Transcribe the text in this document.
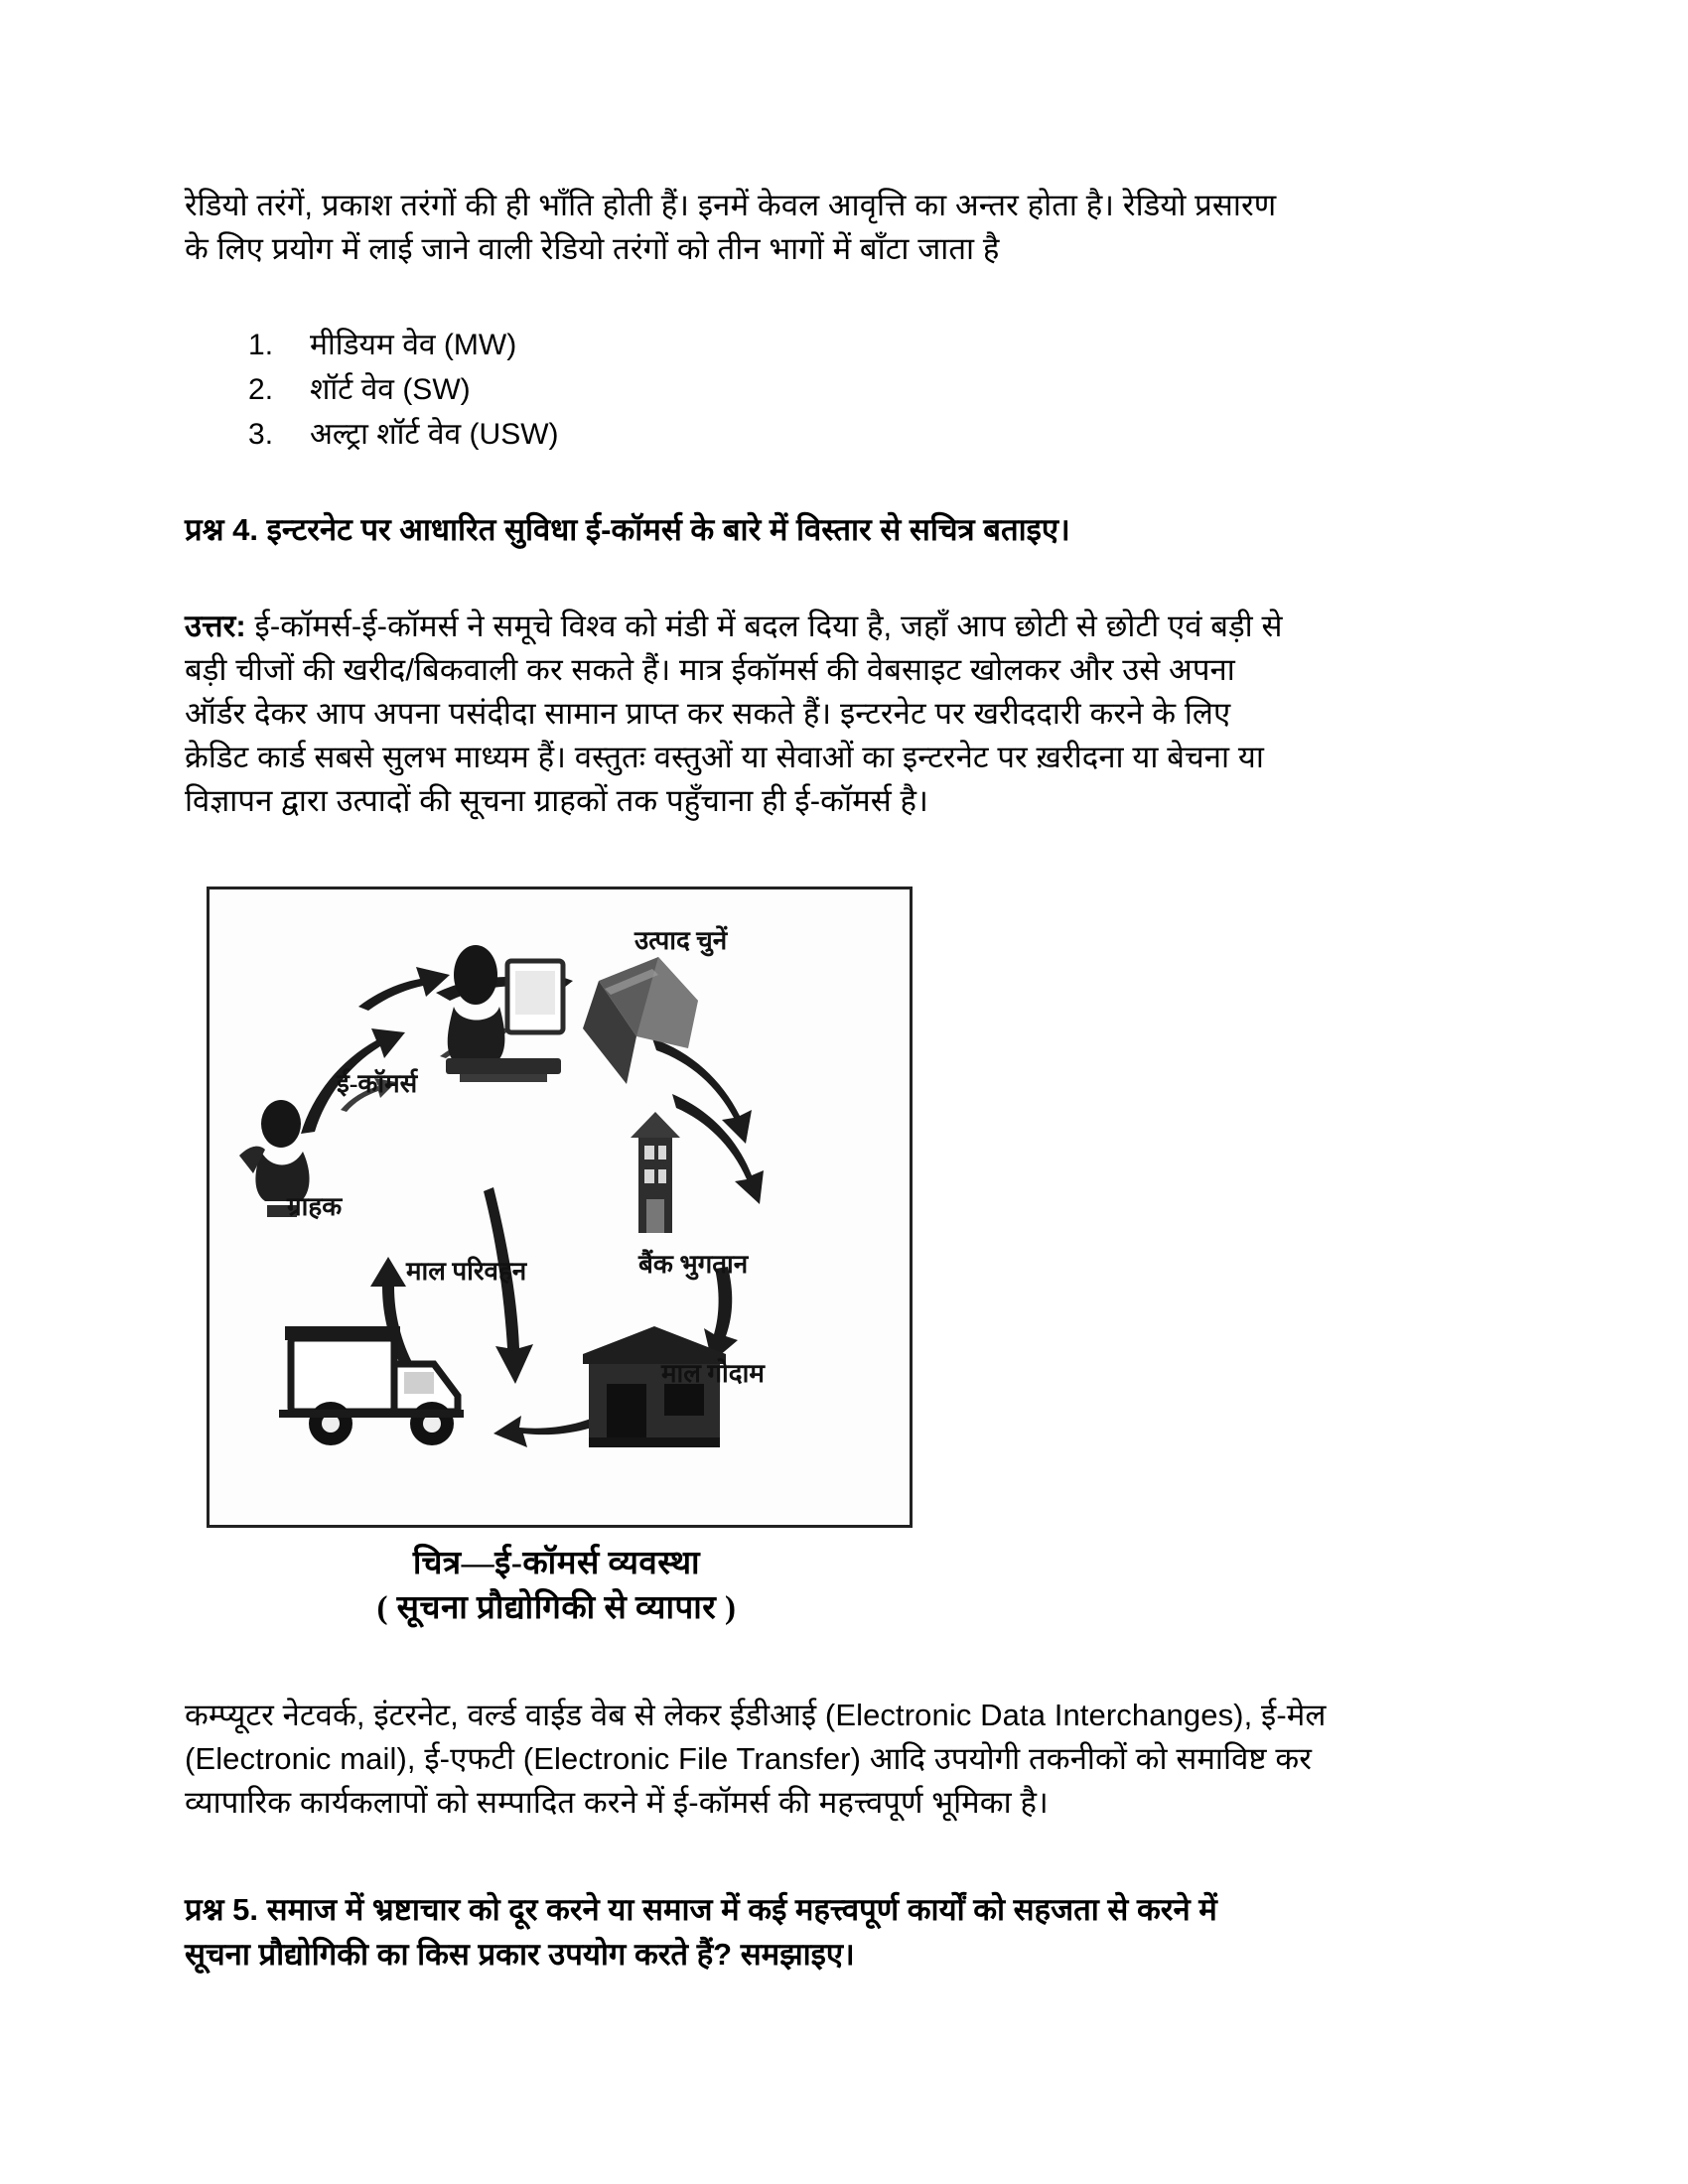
रेडियो तरंगें, प्रकाश तरंगों की ही भाँति होती हैं। इनमें केवल आवृत्ति का अन्तर होता है। रेडियो प्रसारण
के लिए प्रयोग में लाई जाने वाली रेडियो तरंगों को तीन भागों में बाँटा जाता है
मीडियम वेव (MW)
शॉर्ट वेव (SW)
अल्ट्रा शॉर्ट वेव (USW)
प्रश्न 4. इन्टरनेट पर आधारित सुविधा ई-कॉमर्स के बारे में विस्तार से सचित्र बताइए।
उत्तर: ई-कॉमर्स-ई-कॉमर्स ने समूचे विश्व को मंडी में बदल दिया है, जहाँ आप छोटी से छोटी एवं बड़ी से
बड़ी चीजों की खरीद/बिकवाली कर सकते हैं। मात्र ईकॉमर्स की वेबसाइट खोलकर और उसे अपना
ऑर्डर देकर आप अपना पसंदीदा सामान प्राप्त कर सकते हैं। इन्टरनेट पर खरीददारी करने के लिए
क्रेडिट कार्ड सबसे सुलभ माध्यम हैं। वस्तुतः वस्तुओं या सेवाओं का इन्टरनेट पर ख़रीदना या बेचना या
विज्ञापन द्वारा उत्पादों की सूचना ग्राहकों तक पहुँचाना ही ई-कॉमर्स है।
ई-कॉमर्स
उत्पाद चुनें
ग्राहक
बैंक भुगतान
माल परिवहन
माल गोदाम
चित्र—ई-कॉमर्स व्यवस्था
( सूचना प्रौद्योगिकी से व्यापार )
कम्प्यूटर नेटवर्क, इंटरनेट, वर्ल्ड वाईड वेब से लेकर ईडीआई (Electronic Data Interchanges), ई-मेल
(Electronic mail), ई-एफटी (Electronic File Transfer) आदि उपयोगी तकनीकों को समाविष्ट कर
व्यापारिक कार्यकलापों को सम्पादित करने में ई-कॉमर्स की महत्त्वपूर्ण भूमिका है।
प्रश्न 5. समाज में भ्रष्टाचार को दूर करने या समाज में कई महत्त्वपूर्ण कार्यों को सहजता से करने में
सूचना प्रौद्योगिकी का किस प्रकार उपयोग करते हैं? समझाइए।
